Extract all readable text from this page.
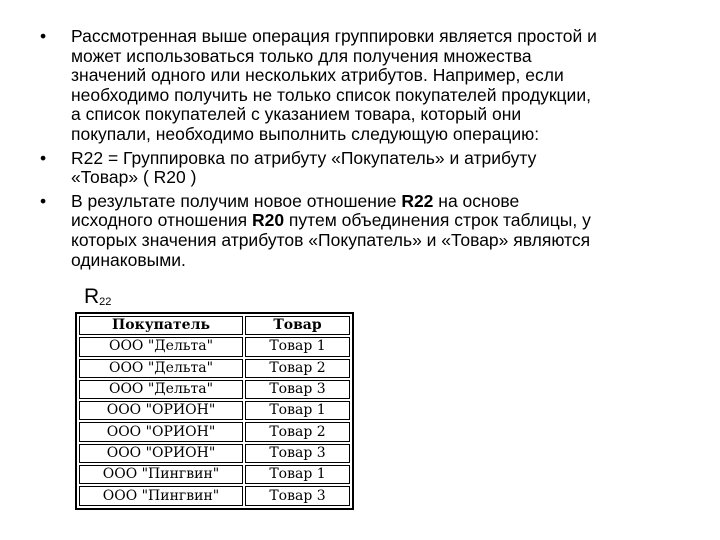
• Рассмотренная выше операция группировки является простой и
может использоваться только для получения множества
значений одного или нескольких атрибутов. Например, если
необходимо получить не только список покупателей продукции,
а список покупателей с указанием товара, который они
покупали, необходимо выполнить следующую операцию:
• R22 = Группировка по атрибуту «Покупатель» и атрибуту
«Товар» ( R20 )
• В результате получим новое отношение R22 на основе
исходного отношения R20 путем объединения строк таблицы, у
которых значения атрибутов «Покупатель» и «Товар» являются
одинаковыми.
$R_{22}$
Покупатель	Товар
ООО "Дельта"	Товар 1
ООО "Дельта"	Товар 2
ООО "Дельта"	Товар 3
ООО "ОРИОН"	Товар 1
ООО "ОРИОН"	Товар 2
ООО "ОРИОН"	Товар 3
ООО "Пингвин"	Товар 1
ООО "Пингвин"	Товар 3
